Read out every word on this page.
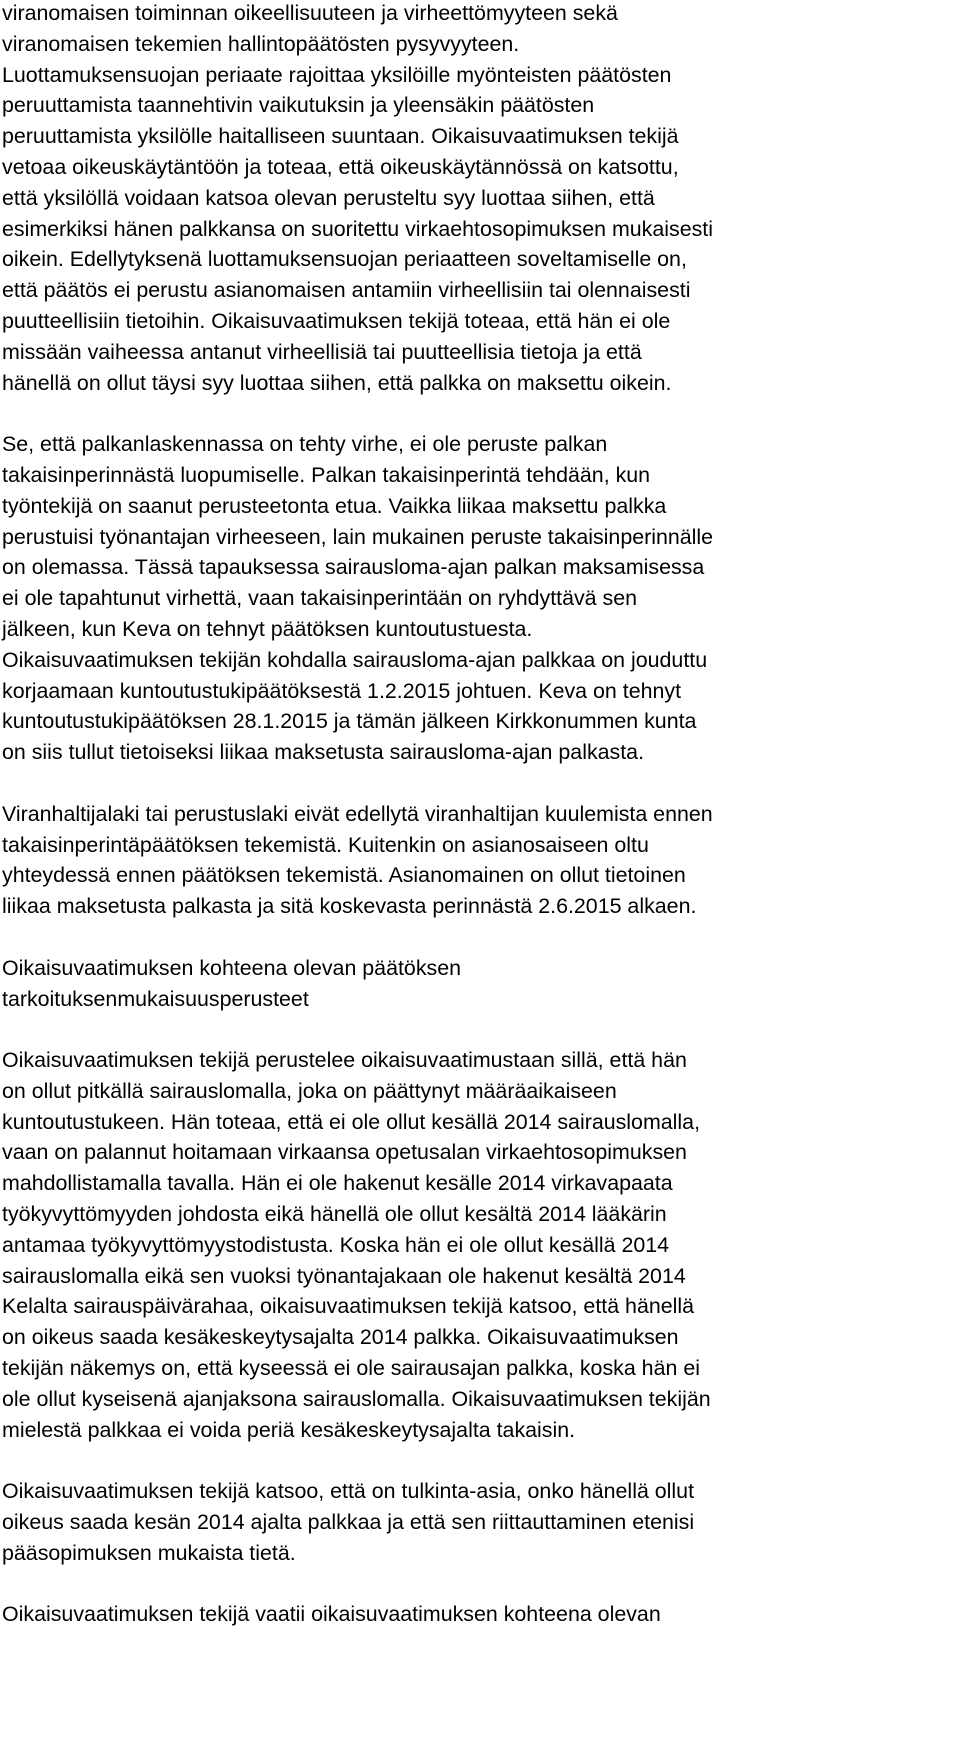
viranomaisen toiminnan oikeellisuuteen ja virheettömyyteen sekä
viranomaisen tekemien hallintopäätösten pysyvyyteen.
Luottamuksensuojan periaate rajoittaa yksilöille myönteisten päätösten
peruuttamista taannehtivin vaikutuksin ja yleensäkin päätösten
peruuttamista yksilölle haitalliseen suuntaan. Oikaisuvaatimuksen tekijä
vetoaa oikeuskäytäntöön ja toteaa, että oikeuskäytännössä on katsottu,
että yksilöllä voidaan katsoa olevan perusteltu syy luottaa siihen, että
esimerkiksi hänen palkkansa on suoritettu virkaehtosopimuksen mukaisesti
oikein. Edellytyksenä luottamuksensuojan periaatteen soveltamiselle on,
että päätös ei perustu asianomaisen antamiin virheellisiin tai olennaisesti
puutteellisiin tietoihin. Oikaisuvaatimuksen tekijä toteaa, että hän ei ole
missään vaiheessa antanut virheellisiä tai puutteellisia tietoja ja että
hänellä on ollut täysi syy luottaa siihen, että palkka on maksettu oikein.
Se, että palkanlaskennassa on tehty virhe, ei ole peruste palkan
takaisinperinnästä luopumiselle. Palkan takaisinperintä tehdään, kun
työntekijä on saanut perusteetonta etua. Vaikka liikaa maksettu palkka
perustuisi työnantajan virheeseen, lain mukainen peruste takaisinperinnälle
on olemassa. Tässä tapauksessa sairausloma-ajan palkan maksamisessa
ei ole tapahtunut virhettä, vaan takaisinperintään on ryhdyttävä sen
jälkeen, kun Keva on tehnyt päätöksen kuntoutustuesta.
Oikaisuvaatimuksen tekijän kohdalla sairausloma-ajan palkkaa on jouduttu
korjaamaan kuntoutustukipäätöksestä 1.2.2015 johtuen. Keva on tehnyt
kuntoutustukipäätöksen 28.1.2015 ja tämän jälkeen Kirkkonummen kunta
on siis tullut tietoiseksi liikaa maksetusta sairausloma-ajan palkasta.
Viranhaltijalaki tai perustuslaki eivät edellytä viranhaltijan kuulemista ennen
takaisinperintäpäätöksen tekemistä. Kuitenkin on asianosaiseen oltu
yhteydessä ennen päätöksen tekemistä. Asianomainen on ollut tietoinen
liikaa maksetusta palkasta ja sitä koskevasta perinnästä 2.6.2015 alkaen.
Oikaisuvaatimuksen kohteena olevan päätöksen
tarkoituksenmukaisuusperusteet
Oikaisuvaatimuksen tekijä perustelee oikaisuvaatimustaan sillä, että hän
on ollut pitkällä sairauslomalla, joka on päättynyt määräaikaiseen
kuntoutustukeen. Hän toteaa, että ei ole ollut kesällä 2014 sairauslomalla,
vaan on palannut hoitamaan virkaansa opetusalan virkaehtosopimuksen
mahdollistamalla tavalla. Hän ei ole hakenut kesälle 2014 virkavapaata
työkyvyttömyyden johdosta eikä hänellä ole ollut kesältä 2014 lääkärin
antamaa työkyvyttömyystodistusta. Koska hän ei ole ollut kesällä 2014
sairauslomalla eikä sen vuoksi työnantajakaan ole hakenut kesältä 2014
Kelalta sairauspäivärahaa, oikaisuvaatimuksen tekijä katsoo, että hänellä
on oikeus saada kesäkeskeytysajalta 2014 palkka. Oikaisuvaatimuksen
tekijän näkemys on, että kyseessä ei ole sairausajan palkka, koska hän ei
ole ollut kyseisenä ajanjaksona sairauslomalla. Oikaisuvaatimuksen tekijän
mielestä palkkaa ei voida periä kesäkeskeytysajalta takaisin.
Oikaisuvaatimuksen tekijä katsoo, että on tulkinta-asia, onko hänellä ollut
oikeus saada kesän 2014 ajalta palkkaa ja että sen riittauttaminen etenisi
pääsopimuksen mukaista tietä.
Oikaisuvaatimuksen tekijä vaatii oikaisuvaatimuksen kohteena olevan
